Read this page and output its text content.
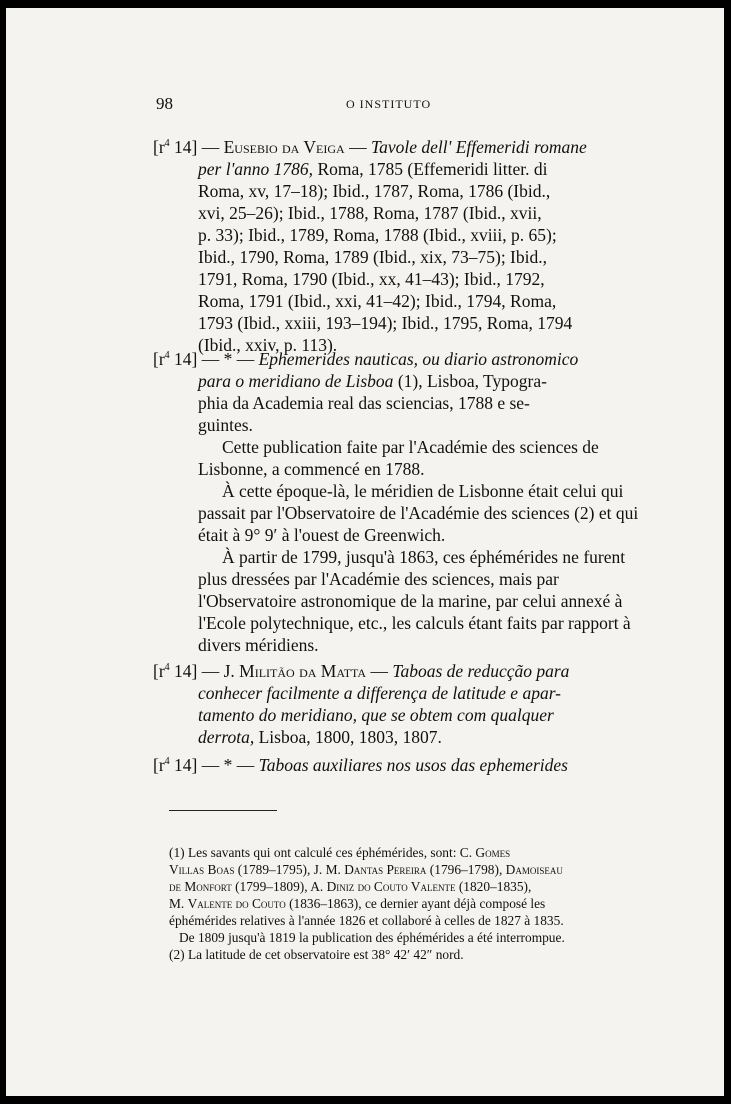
98	O INSTITUTO
[$r^4$ 14] — Eusebio da Veiga — Tavole dell' Effemeridi romane
per l'anno 1786, Roma, 1785 (Effemeridi litter. di
Roma, xv, 17–18); Ibid., 1787, Roma, 1786 (Ibid.,
xvi, 25–26); Ibid., 1788, Roma, 1787 (Ibid., xvii,
p. 33); Ibid., 1789, Roma, 1788 (Ibid., xviii, p. 65);
Ibid., 1790, Roma, 1789 (Ibid., xix, 73–75); Ibid.,
1791, Roma, 1790 (Ibid., xx, 41–43); Ibid., 1792,
Roma, 1791 (Ibid., xxi, 41–42); Ibid., 1794, Roma,
1793 (Ibid., xxiii, 193–194); Ibid., 1795, Roma, 1794
(Ibid., xxiv, p. 113).
[$r^4$ 14] — * — Ephemerides nauticas, ou diario astronomico
para o meridiano de Lisboa (1), Lisboa, Typogra-
phia da Academia real das sciencias, 1788 e se-
guintes.
Cette publication faite par l'Académie des sciences de Lisbonne, a commencé en 1788.
À cette époque-là, le méridien de Lisbonne était celui qui passait par l'Observatoire de l'Académie des sciences (2) et qui était à 9° 9′ à l'ouest de Greenwich.
À partir de 1799, jusqu'à 1863, ces éphémérides ne furent plus dressées par l'Académie des sciences, mais par l'Observatoire astronomique de la marine, par celui annexé à l'Ecole polytechnique, etc., les calculs étant faits par rapport à divers méridiens.
[$r^4$ 14] — J. Militão da Matta — Taboas de reducção para
conhecer facilmente a differença de latitude e apar-
tamento do meridiano, que se obtem com qualquer
derrota, Lisboa, 1800, 1803, 1807.
[$r^4$ 14] — * — Taboas auxiliares nos usos das ephemerides
(1) Les savants qui ont calculé ces éphémérides, sont: C. Gomes
Villas Boas (1789–1795), J. M. Dantas Pereira (1796–1798), Damoiseau
de Monfort (1799–1809), A. Diniz do Couto Valente (1820–1835),
M. Valente do Couto (1836–1863), ce dernier ayant déjà composé les
éphémérides relatives à l'année 1826 et collaboré à celles de 1827 à 1835.
De 1809 jusqu'à 1819 la publication des éphémérides a été interrompue.
(2) La latitude de cet observatoire est 38° 42′ 42″ nord.
